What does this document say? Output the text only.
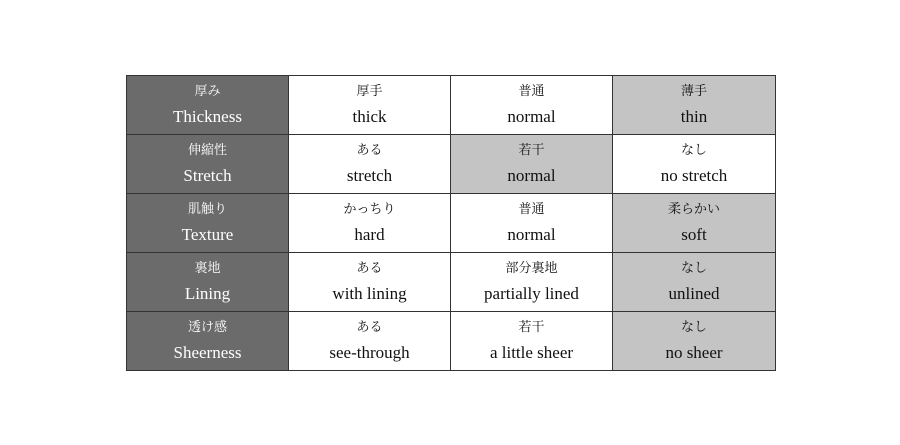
厚み
Thickness	厚手
thick	普通
normal	薄手
thin

伸縮性
Stretch	ある
stretch	若干
normal	なし
no stretch

肌触り
Texture	かっちり
hard	普通
normal	柔らかい
soft

裏地
Lining	ある
with lining	部分裏地
partially lined	なし
unlined

透け感
Sheerness	ある
see-through	若干
a little sheer	なし
no sheer
